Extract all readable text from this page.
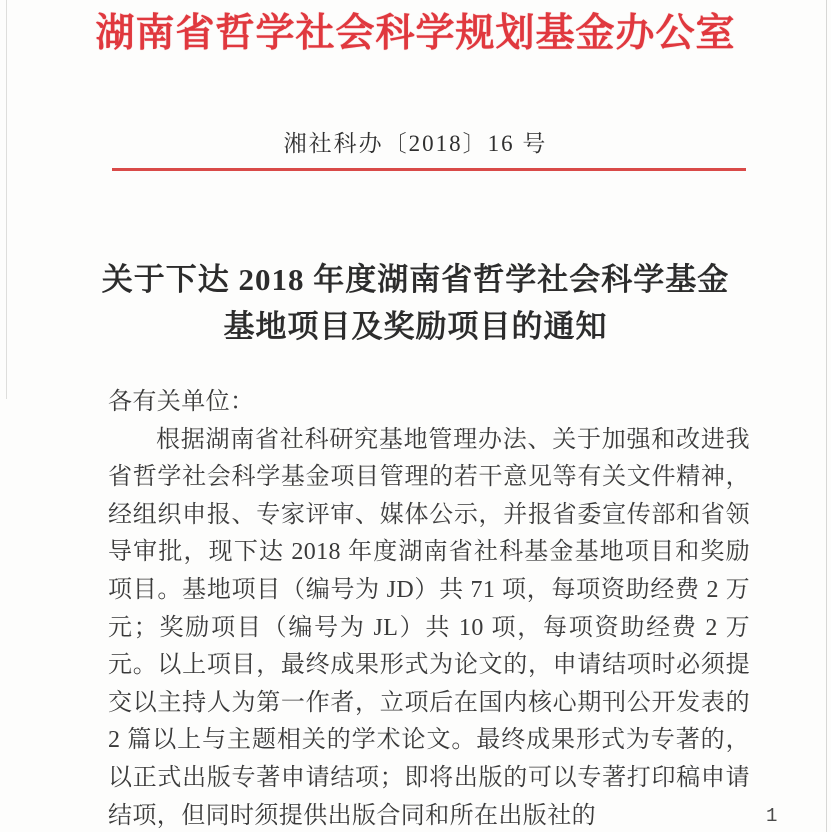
湖南省哲学社会科学规划基金办公室
湘社科办〔2018〕16 号
关于下达 2018 年度湖南省哲学社会科学基金
基地项目及奖励项目的通知

各有关单位：

根据湖南省社科研究基地管理办法、关于加强和改进我省哲学社会科学基金项目管理的若干意见等有关文件精神，经组织申报、专家评审、媒体公示，并报省委宣传部和省领导审批，现下达 2018 年度湖南省社科基金基地项目和奖励项目。基地项目（编号为 JD）共 71 项，每项资助经费 2 万元；奖励项目（编号为 JL）共 10 项，每项资助经费 2 万元。以上项目，最终成果形式为论文的，申请结项时必须提交以主持人为第一作者，立项后在国内核心期刊公开发表的 2 篇以上与主题相关的学术论文。最终成果形式为专著的，以正式出版专著申请结项；即将出版的可以专著打印稿申请结项，但同时须提供出版合同和所在出版社的	1
